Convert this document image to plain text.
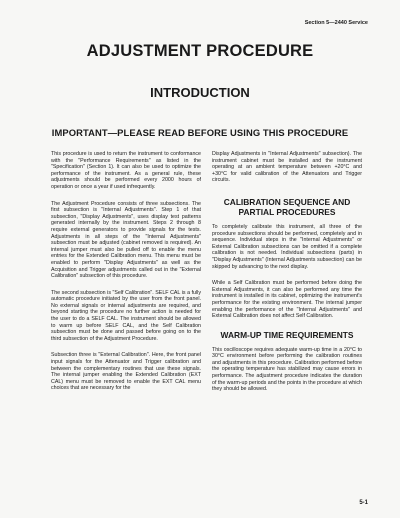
Section 5—2440 Service
ADJUSTMENT PROCEDURE
INTRODUCTION
IMPORTANT—PLEASE READ BEFORE USING THIS PROCEDURE

This procedure is used to return the instrument to conformance with the "Performance Requirements" as listed in the "Specification" (Section 1). It can also be used to optimize the performance of the instrument. As a general rule, these adjustments should be performed every 2000 hours of operation or once a year if used infrequently.

The Adjustment Procedure consists of three subsections. The first subsection is "Internal Adjustments". Step 1 of that subsection, "Display Adjustments", uses display test patterns generated internally by the instrument. Steps 2 through 8 require external generators to provide signals for the tests. Adjustments in all steps of the "Internal Adjustments" subsection must be adjusted (cabinet removed is required). An internal jumper must also be pulled off to enable the menu entries for the Extended Calibration menu. This menu must be enabled to perform "Display Adjustments" as well as the Acquisition and Trigger adjustments called out in the "External Calibration" subsection of this procedure.

The second subsection is "Self Calibration". SELF CAL is a fully automatic procedure initiated by the user from the front panel. No external signals or internal adjustments are required, and beyond starting the procedure no further action is needed for the user to do a SELF CAL. The instrument should be allowed to warm up before SELF CAL, and the Self Calibration subsection must be done and passed before going on to the third subsection of the Adjustment Procedure.

Subsection three is "External Calibration". Here, the front panel input signals for the Attenuator and Trigger calibration and between the complementary routines that use these signals. The internal jumper enabling the Extended Calibration (EXT CAL) menu must be removed to enable the EXT CAL menu choices that are necessary for the

Display Adjustments in "Internal Adjustments" subsection). The instrument cabinet must be installed and the instrument operating at an ambient temperature between +20°C and +30°C for valid calibration of the Attenuators and Trigger circuits.

CALIBRATION SEQUENCE AND PARTIAL PROCEDURES

To completely calibrate this instrument, all three of the procedure subsections should be performed, completely and in sequence. Individual steps in the "Internal Adjustments" or External Calibration subsections can be omitted if a complete calibration is not needed. Individual subsections (parts) in "Display Adjustments" (Internal Adjustments subsection) can be skipped by advancing to the next display.

While a Self Calibration must be performed before doing the External Adjustments, it can also be performed any time the instrument is installed in its cabinet, optimizing the instrument's performance for the existing environment. The internal jumper enabling the performance of the "Internal Adjustments" and External Calibration does not affect Self Calibration.

WARM-UP TIME REQUIREMENTS

This oscilloscope requires adequate warm-up time in a 20°C to 30°C environment before performing the calibration routines and adjustments in this procedure. Calibration performed before the operating temperature has stabilized may cause errors in performance. The adjustment procedure indicates the duration of the warm-up periods and the points in the procedure at which they should be allowed.

5-1
